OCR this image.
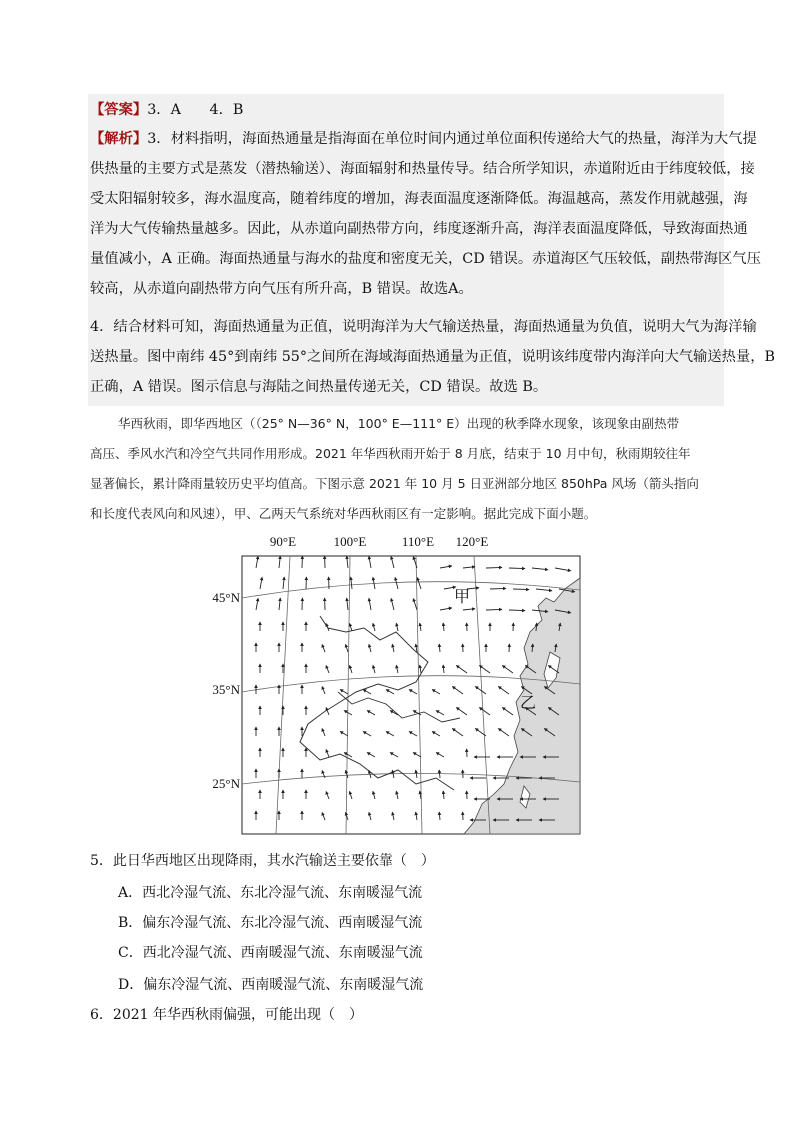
【答案】3．A　　4．B
【解析】3．材料指明，海面热通量是指海面在单位时间内通过单位面积传递给大气的热量，海洋为大气提
供热量的主要方式是蒸发（潜热输送）、海面辐射和热量传导。结合所学知识，赤道附近由于纬度较低，接
受太阳辐射较多，海水温度高，随着纬度的增加，海表面温度逐渐降低。海温越高，蒸发作用就越强，海
洋为大气传输热量越多。因此，从赤道向副热带方向，纬度逐渐升高，海洋表面温度降低，导致海面热通
量值减小，A 正确。海面热通量与海水的盐度和密度无关，CD 错误。赤道海区气压较低，副热带海区气压
较高，从赤道向副热带方向气压有所升高，B 错误。故选A。
4．结合材料可知，海面热通量为正值，说明海洋为大气输送热量，海面热通量为负值，说明大气为海洋输
送热量。图中南纬 45°到南纬 55°之间所在海域海面热通量为正值，说明该纬度带内海洋向大气输送热量，B
正确，A 错误。图示信息与海陆之间热量传递无关，CD 错误。故选 B。
华西秋雨，即华西地区（（25° N—36° N，100° E—111° E）出现的秋季降水现象，该现象由副热带
高压、季风水汽和冷空气共同作用形成。2021 年华西秋雨开始于 8 月底，结束于 10 月中旬，秋雨期较往年
显著偏长，累计降雨量较历史平均值高。下图示意 2021 年 10 月 5 日亚洲部分地区 850hPa 风场（箭头指向
和长度代表风向和风速），甲、乙两天气系统对华西秋雨区有一定影响。据此完成下面小题。
90°E	100°E	110°E 120°E
45°N
35°N
25°N
甲
乙
5．此日华西地区出现降雨，其水汽输送主要依靠（　）
A．西北冷湿气流、东北冷湿气流、东南暖湿气流
B．偏东冷湿气流、东北冷湿气流、西南暖湿气流
C．西北冷湿气流、西南暖湿气流、东南暖湿气流
D．偏东冷湿气流、西南暖湿气流、东南暖湿气流
6．2021 年华西秋雨偏强，可能出现（　）
